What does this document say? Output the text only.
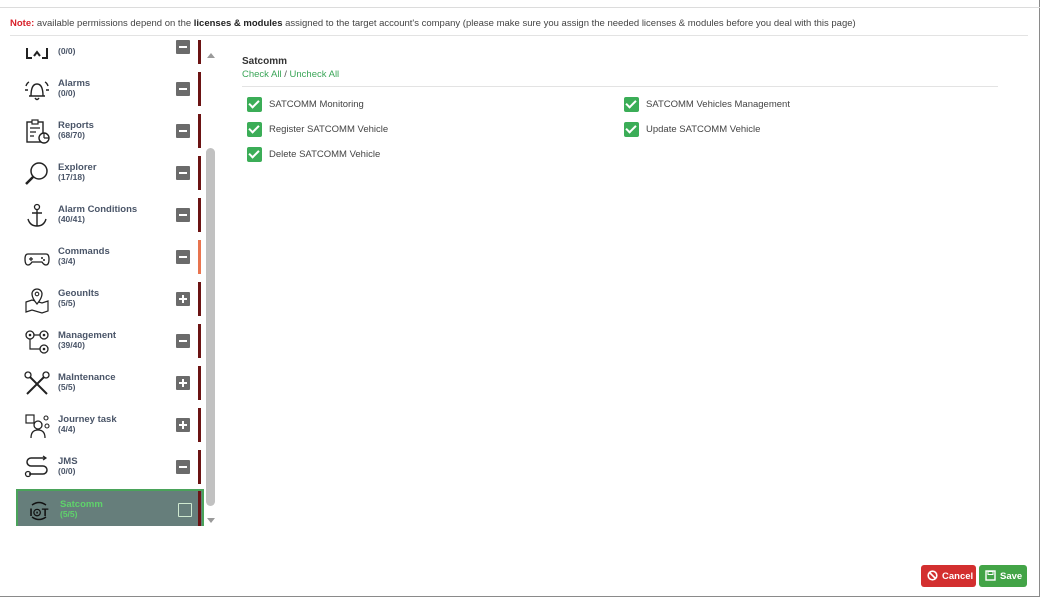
Note: available permissions depend on the licenses & modules assigned to the target account's company (please make sure you assign the needed licenses & modules before you deal with this page)
(0/0)
Alarms
(0/0)
Reports
(68/70)
Explorer
(17/18)
Alarm Conditions
(40/41)
Commands
(3/4)
GeounIts
(5/5)
Management
(39/40)
MaIntenance
(5/5)
Journey task
(4/4)
JMS
(0/0)
I⊙T
Satcomm
(5/5)
Satcomm
Check All / Uncheck All
SATCOMM Monitoring	SATCOMM Vehicles Management
Register SATCOMM Vehicle	Update SATCOMM Vehicle
Delete SATCOMM Vehicle
Cancel	Save
